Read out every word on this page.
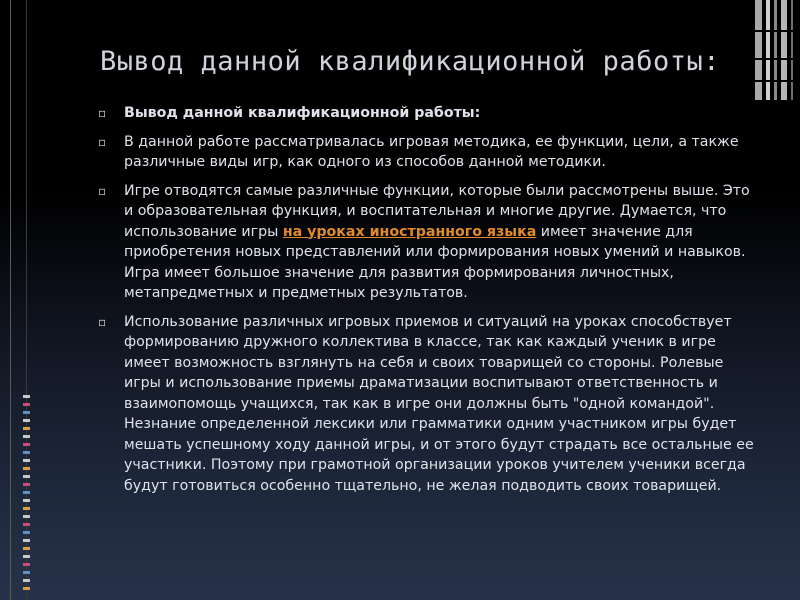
Вывод данной квалификационной работы:
▫ Вывод данной квалификационной работы:
▫ В данной работе рассматривалась игровая методика, ее функции, цели, а также различные виды игр, как одного из способов данной методики.
▫ Игре отводятся самые различные функции, которые были рассмотрены выше. Это и образовательная функция, и воспитательная и многие другие. Думается, что использование игры на уроках иностранного языка имеет значение для приобретения новых представлений или формирования новых умений и навыков. Игра имеет большое значение для развития формирования личностных, метапредметных и предметных результатов.
▫ Использование различных игровых приемов и ситуаций на уроках способствует формированию дружного коллектива в классе, так как каждый ученик в игре имеет возможность взглянуть на себя и своих товарищей со стороны. Ролевые игры и использование приемы драматизации воспитывают ответственность и взаимопомощь учащихся, так как в игре они должны быть "одной командой". Незнание определенной лексики или грамматики одним участником игры будет мешать успешному ходу данной игры, и от этого будут страдать все остальные ее участники. Поэтому при грамотной организации уроков учителем ученики всегда будут готовиться особенно тщательно, не желая подводить своих товарищей.
